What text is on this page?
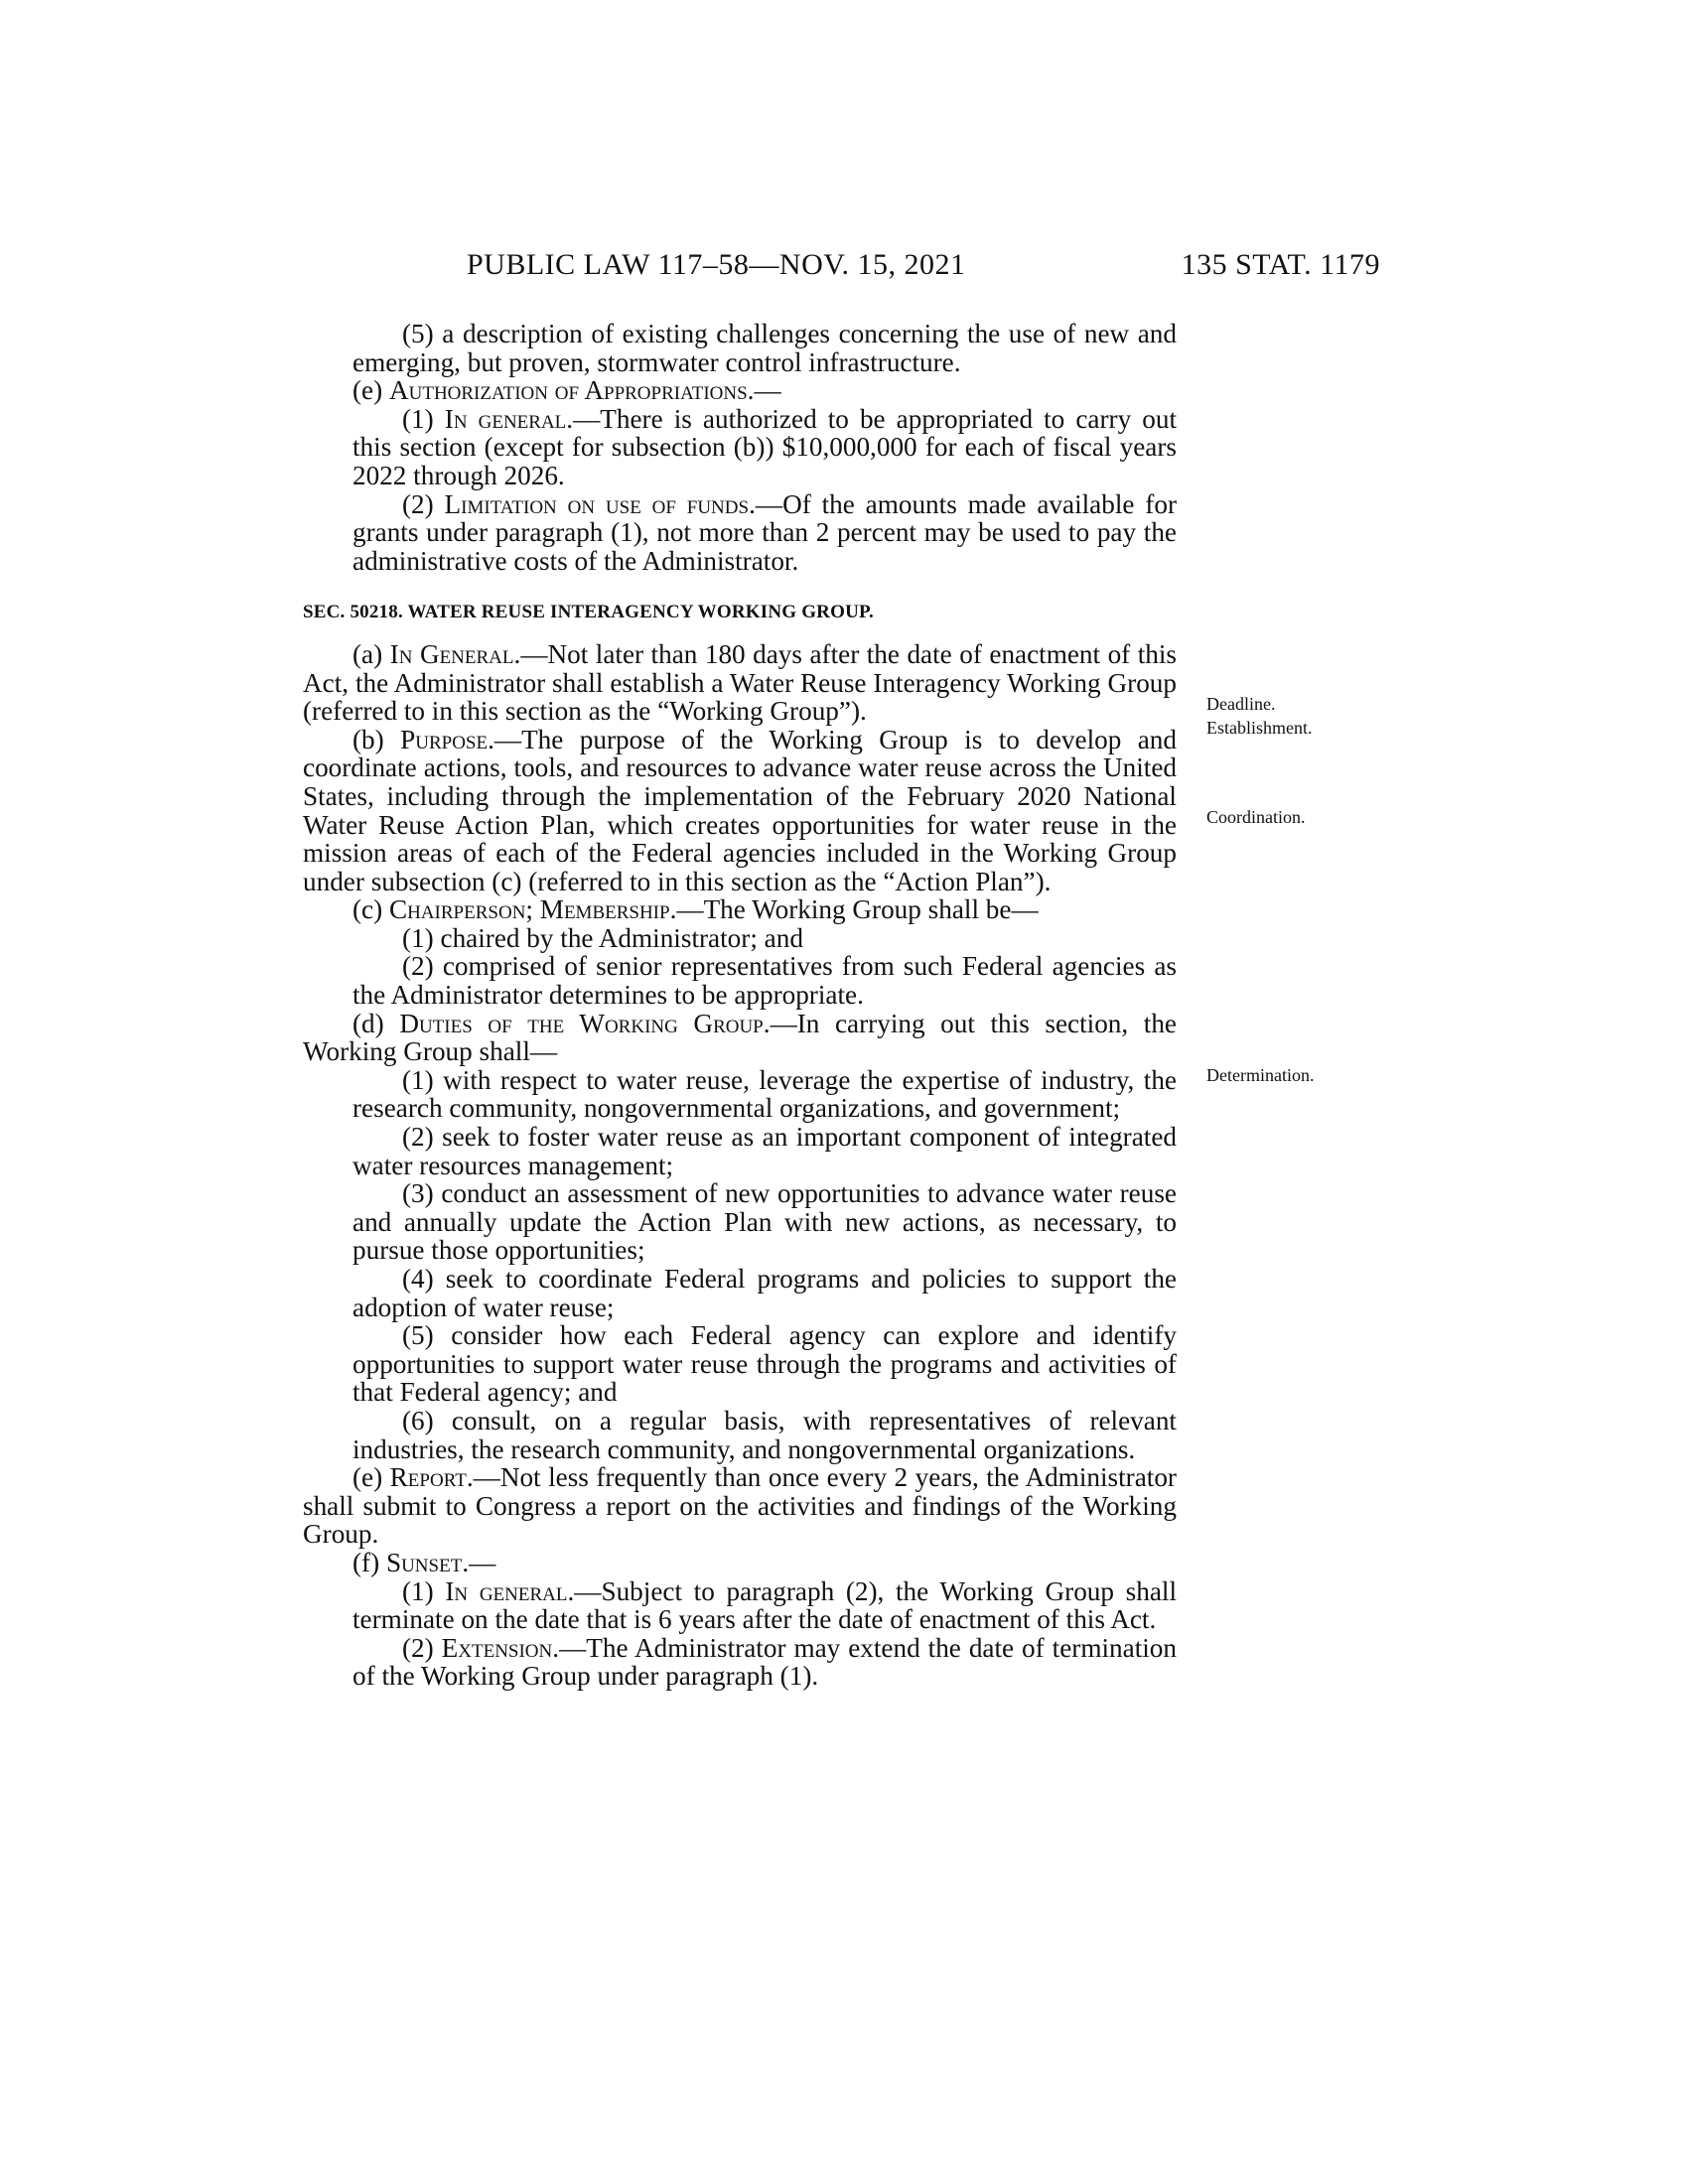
PUBLIC LAW 117–58—NOV. 15, 2021	135 STAT. 1179

(5) a description of existing challenges concerning the use of new and emerging, but proven, stormwater control infrastructure.

(e) Authorization of Appropriations.—

(1) In general.—There is authorized to be appropriated to carry out this section (except for subsection (b)) $10,000,000 for each of fiscal years 2022 through 2026.

(2) Limitation on use of funds.—Of the amounts made available for grants under paragraph (1), not more than 2 percent may be used to pay the administrative costs of the Administrator.

SEC. 50218. WATER REUSE INTERAGENCY WORKING GROUP.

(a) In General.—Not later than 180 days after the date of enactment of this Act, the Administrator shall establish a Water Reuse Interagency Working Group (referred to in this section as the “Working Group”).

(b) Purpose.—The purpose of the Working Group is to develop and coordinate actions, tools, and resources to advance water reuse across the United States, including through the implementation of the February 2020 National Water Reuse Action Plan, which creates opportunities for water reuse in the mission areas of each of the Federal agencies included in the Working Group under subsection (c) (referred to in this section as the “Action Plan”).

(c) Chairperson; Membership.—The Working Group shall be—

(1) chaired by the Administrator; and

(2) comprised of senior representatives from such Federal agencies as the Administrator determines to be appropriate.

(d) Duties of the Working Group.—In carrying out this section, the Working Group shall—

(1) with respect to water reuse, leverage the expertise of industry, the research community, nongovernmental organizations, and government;

(2) seek to foster water reuse as an important component of integrated water resources management;

(3) conduct an assessment of new opportunities to advance water reuse and annually update the Action Plan with new actions, as necessary, to pursue those opportunities;

(4) seek to coordinate Federal programs and policies to support the adoption of water reuse;

(5) consider how each Federal agency can explore and identify opportunities to support water reuse through the programs and activities of that Federal agency; and

(6) consult, on a regular basis, with representatives of relevant industries, the research community, and nongovernmental organizations.

(e) Report.—Not less frequently than once every 2 years, the Administrator shall submit to Congress a report on the activities and findings of the Working Group.

(f) Sunset.—

(1) In general.—Subject to paragraph (2), the Working Group shall terminate on the date that is 6 years after the date of enactment of this Act.

(2) Extension.—The Administrator may extend the date of termination of the Working Group under paragraph (1).

Deadline.
Establishment.
Coordination.
Determination.
